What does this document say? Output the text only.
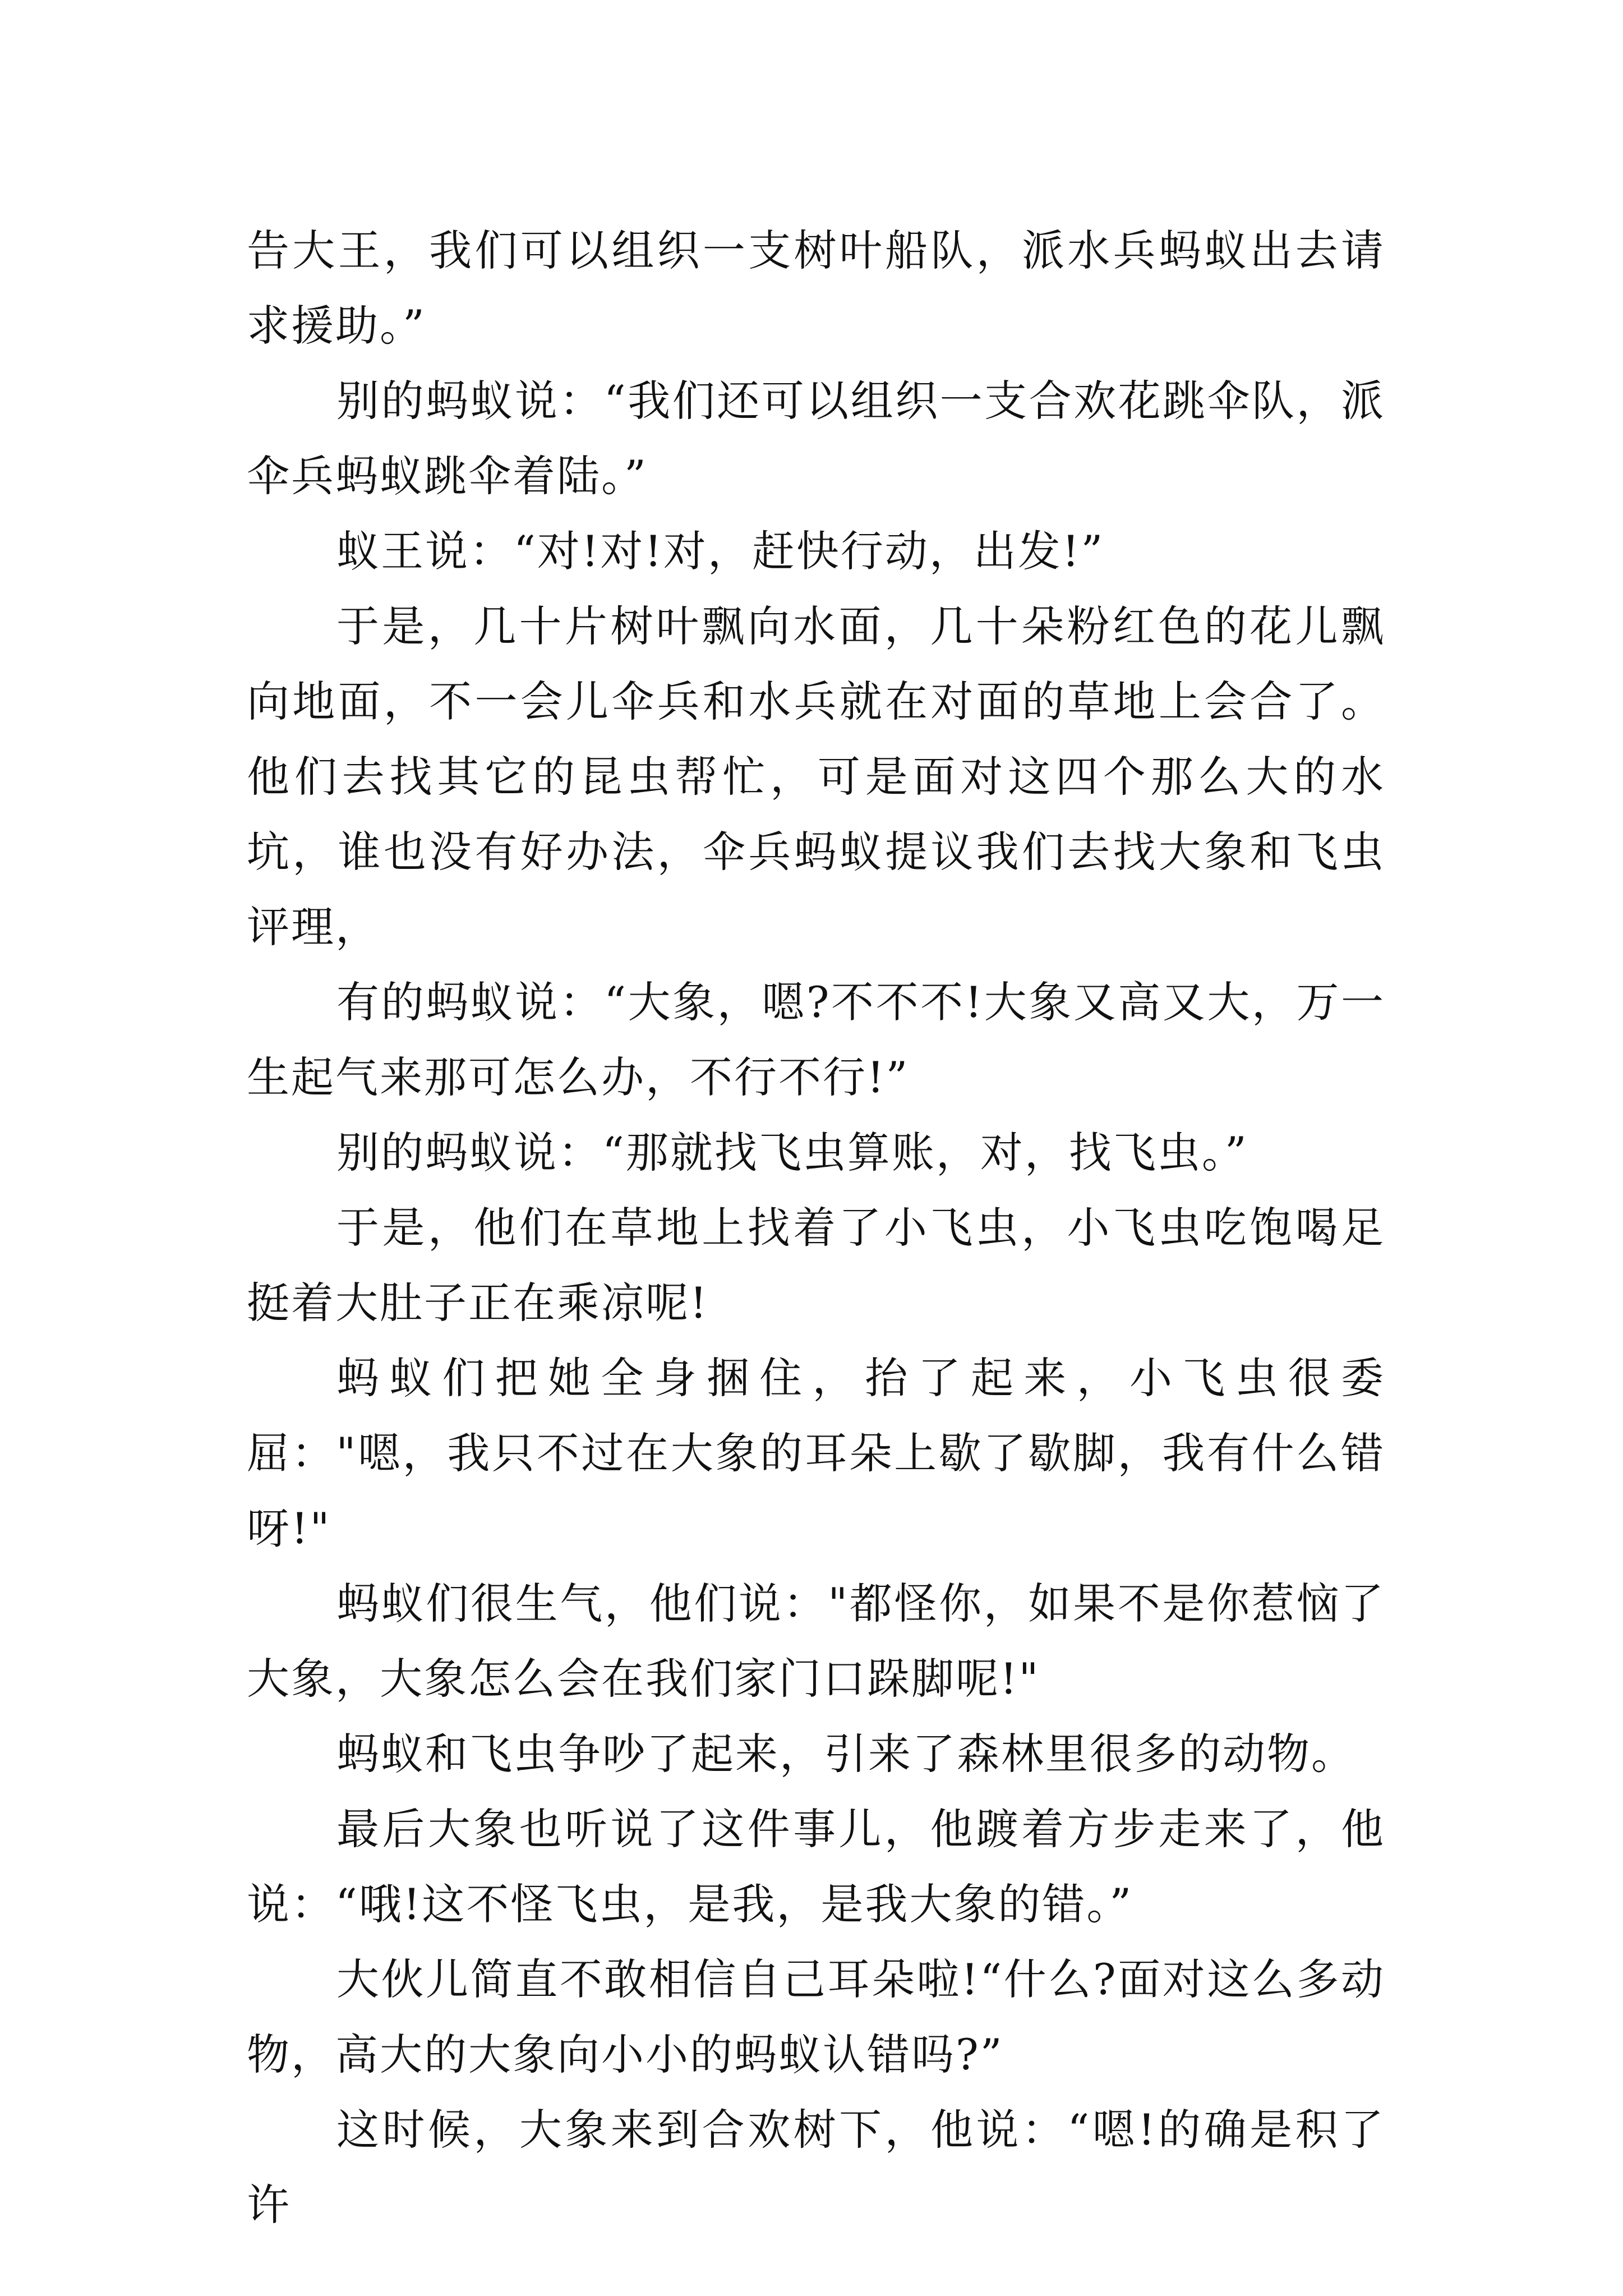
告大王，我们可以组织一支树叶船队，派水兵蚂蚁出去请求援助。”

别的蚂蚁说：“我们还可以组织一支合欢花跳伞队，派伞兵蚂蚁跳伞着陆。”

蚁王说：“对!对!对，赶快行动，出发!”

于是，几十片树叶飘向水面，几十朵粉红色的花儿飘向地面，不一会儿伞兵和水兵就在对面的草地上会合了。他们去找其它的昆虫帮忙，可是面对这四个那么大的水坑，谁也没有好办法，伞兵蚂蚁提议我们去找大象和飞虫评理，

有的蚂蚁说：“大象，嗯?不不不!大象又高又大，万一生起气来那可怎么办，不行不行!”

别的蚂蚁说：“那就找飞虫算账，对，找飞虫。”

于是，他们在草地上找着了小飞虫，小飞虫吃饱喝足挺着大肚子正在乘凉呢!

蚂蚁们把她全身捆住，抬了起来，小飞虫很委屈："嗯，我只不过在大象的耳朵上歇了歇脚，我有什么错呀!"

蚂蚁们很生气，他们说："都怪你，如果不是你惹恼了大象，大象怎么会在我们家门口跺脚呢!"

蚂蚁和飞虫争吵了起来，引来了森林里很多的动物。

最后大象也听说了这件事儿，他踱着方步走来了，他说：“哦!这不怪飞虫，是我，是我大象的错。”

大伙儿简直不敢相信自己耳朵啦!“什么?面对这么多动物，高大的大象向小小的蚂蚁认错吗?”

这时候，大象来到合欢树下，他说：“嗯!的确是积了许
